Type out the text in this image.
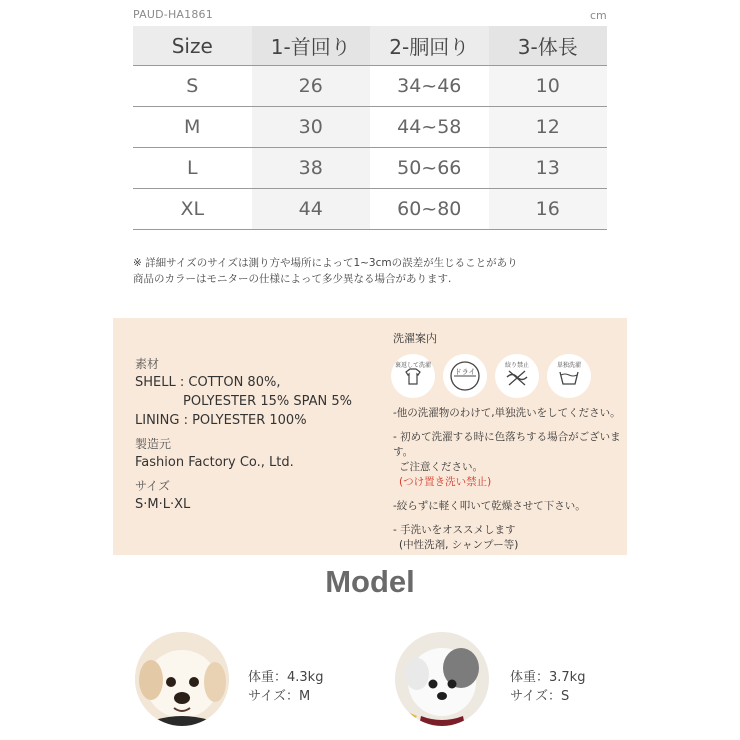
PAUD-HA1861	cm
Size	1-首回り	2-胴回り	3-体長
S	26	34~46	10
M	30	44~58	12
L	38	50~66	13
XL	44	60~80	16
※ 詳細サイズのサイズは測り方や場所によって1~3cmの誤差が生じることがあり
商品のカラーはモニターの仕様によって多少異なる場合があります.
素材
SHELL : COTTON 80%,
POLYESTER 15% SPAN 5%
LINING : POLYESTER 100%
製造元
Fashion Factory Co., Ltd.
サイズ
S·M·L·XL
洗濯案内
裏返して洗濯
ドライ
絞り禁止	単独洗濯
-他の洗濯物のわけて,単独洗いをしてください。
- 初めて洗濯する時に色落ちする場合がございます。
ご注意ください。
(つけ置き洗い禁止)
-絞らずに軽く叩いて乾燥させて下さい。
- 手洗いをオススメします
(中性洗剤, シャンプー等)
Model
体重：4.3kg
サイズ：M
体重：3.7kg
サイズ：S
